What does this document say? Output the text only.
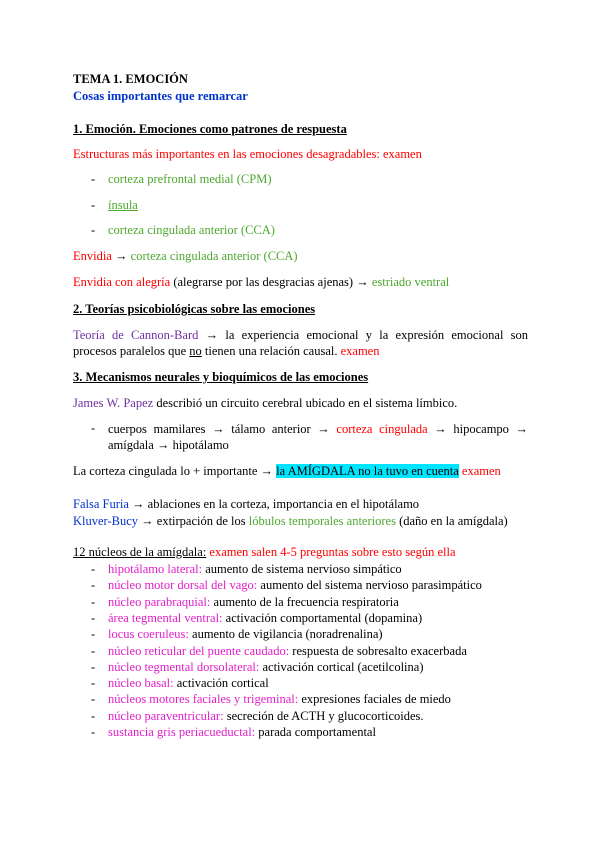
TEMA 1. EMOCIÓN
Cosas importantes que remarcar
1. Emoción. Emociones como patrones de respuesta
Estructuras más importantes en las emociones desagradables: examen
- corteza prefrontal medial (CPM)
- ínsula
- corteza cingulada anterior (CCA)
Envidia → corteza cingulada anterior (CCA)
Envidia con alegría (alegrarse por las desgracias ajenas) → estriado ventral
2. Teorías psicobiológicas sobre las emociones
Teoría de Cannon-Bard → la experiencia emocional y la expresión emocional son procesos paralelos que no tienen una relación causal. examen
3. Mecanismos neurales y bioquímicos de las emociones
James W. Papez describió un circuito cerebral ubicado en el sistema límbico.
- cuerpos mamilares → tálamo anterior → corteza cingulada → hipocampo → amígdala → hipotálamo
La corteza cingulada lo + importante → la AMÍGDALA no la tuvo en cuenta examen
Falsa Furia → ablaciones en la corteza, importancia en el hipotálamo
Kluver-Bucy → extirpación de los lóbulos temporales anteriores (daño en la amígdala)
12 núcleos de la amígdala: examen salen 4-5 preguntas sobre esto según ella
- hipotálamo lateral: aumento de sistema nervioso simpático
- núcleo motor dorsal del vago: aumento del sistema nervioso parasimpático
- núcleo parabraquial: aumento de la frecuencia respiratoria
- área tegmental ventral: activación comportamental (dopamina)
- locus coeruleus: aumento de vigilancia (noradrenalina)
- núcleo reticular del puente caudado: respuesta de sobresalto exacerbada
- núcleo tegmental dorsolateral: activación cortical (acetilcolina)
- núcleo basal: activación cortical
- núcleos motores faciales y trigeminal: expresiones faciales de miedo
- núcleo paraventricular: secreción de ACTH y glucocorticoides.
- sustancia gris periacueductal: parada comportamental
